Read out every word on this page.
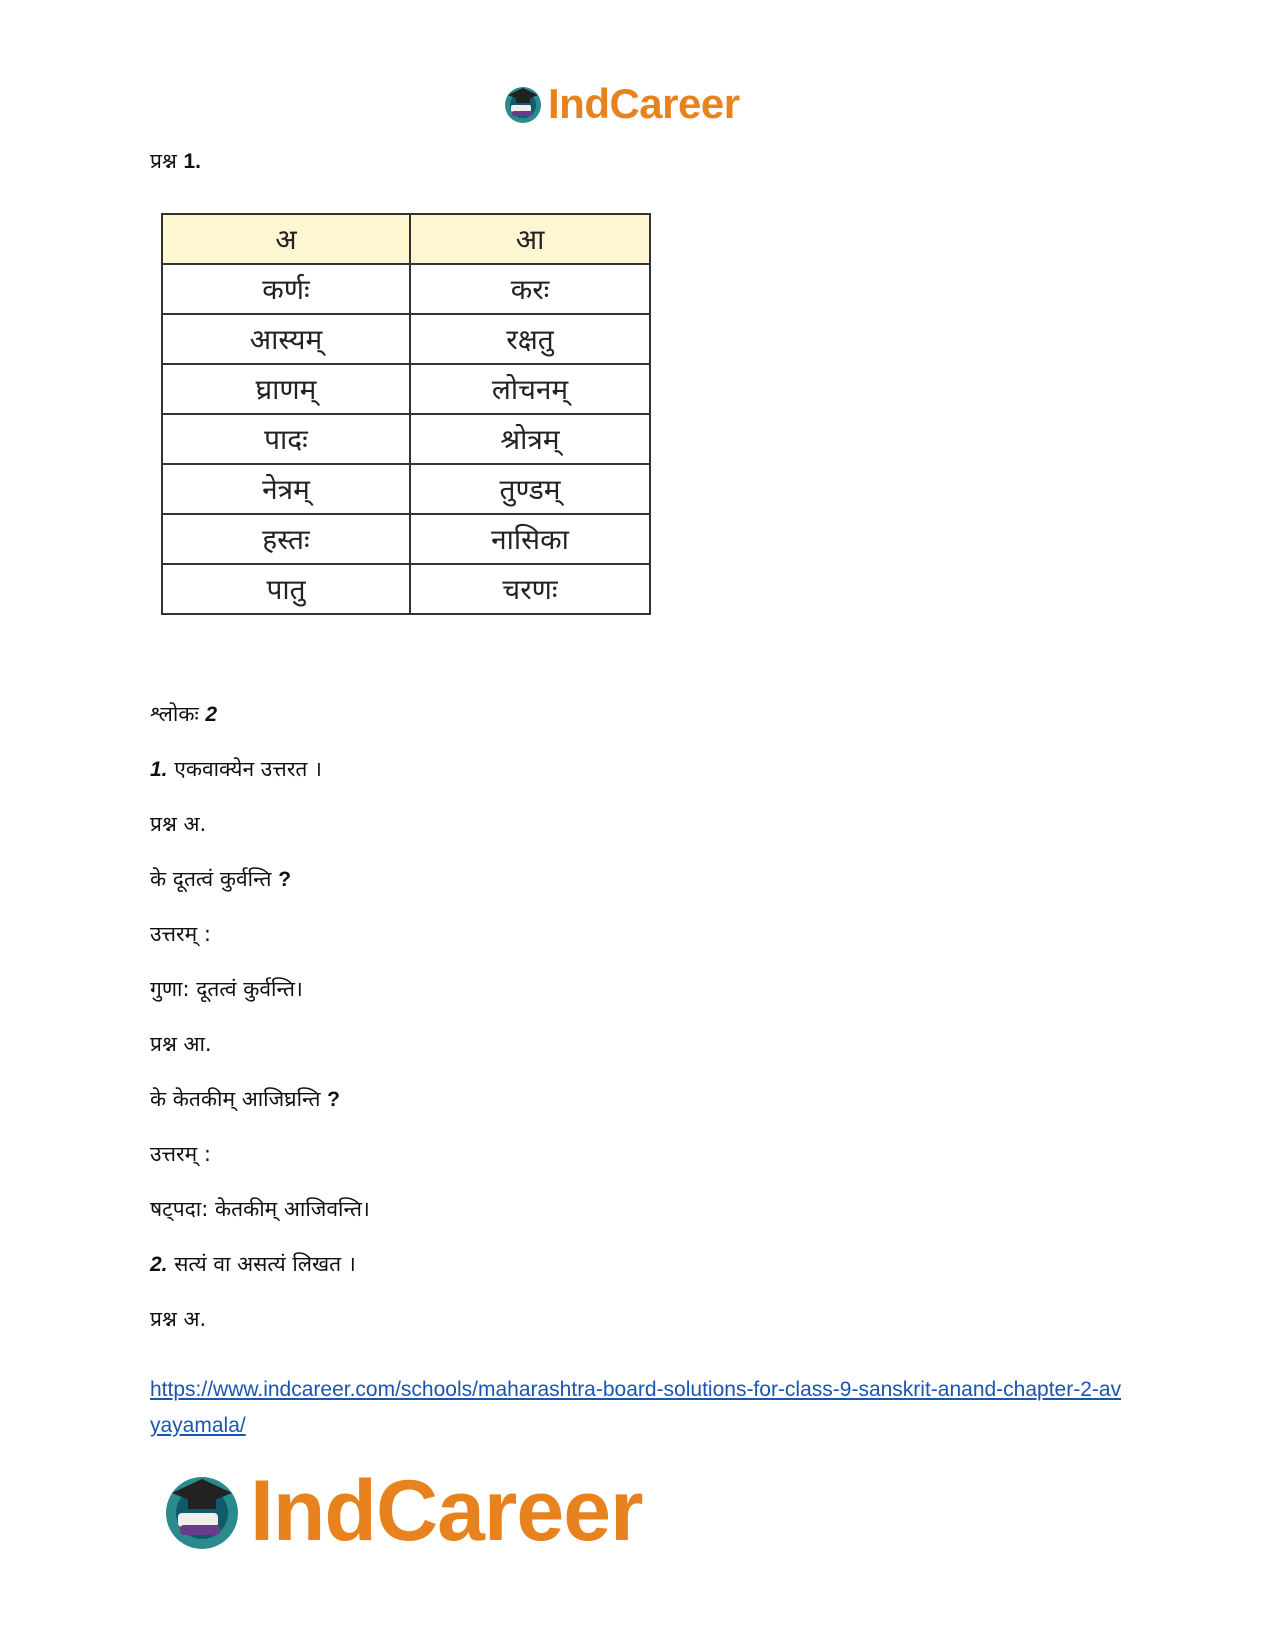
IndCareer
प्रश्न 1.
अ	आ
कर्णः	करः
आस्यम्	रक्षतु
घ्राणम्	लोचनम्
पादः	श्रोत्रम्
नेत्रम्	तुण्डम्
हस्तः	नासिका
पातु	चरणः
श्लोकः 2
1. एकवाक्येन उत्तरत ।
प्रश्न अ.
के दूतत्वं कुर्वन्ति ?
उत्तरम् :
गुणा: दूतत्वं कुर्वन्ति।
प्रश्न आ.
के केतकीम् आजिघ्रन्ति ?
उत्तरम् :
षट्पदा: केतकीम् आजिवन्ति।
2. सत्यं वा असत्यं लिखत ।
प्रश्न अ.
https://www.indcareer.com/schools/maharashtra-board-solutions-for-class-9-sanskrit-anand-chapter-2-avyayamala/
IndCareer
